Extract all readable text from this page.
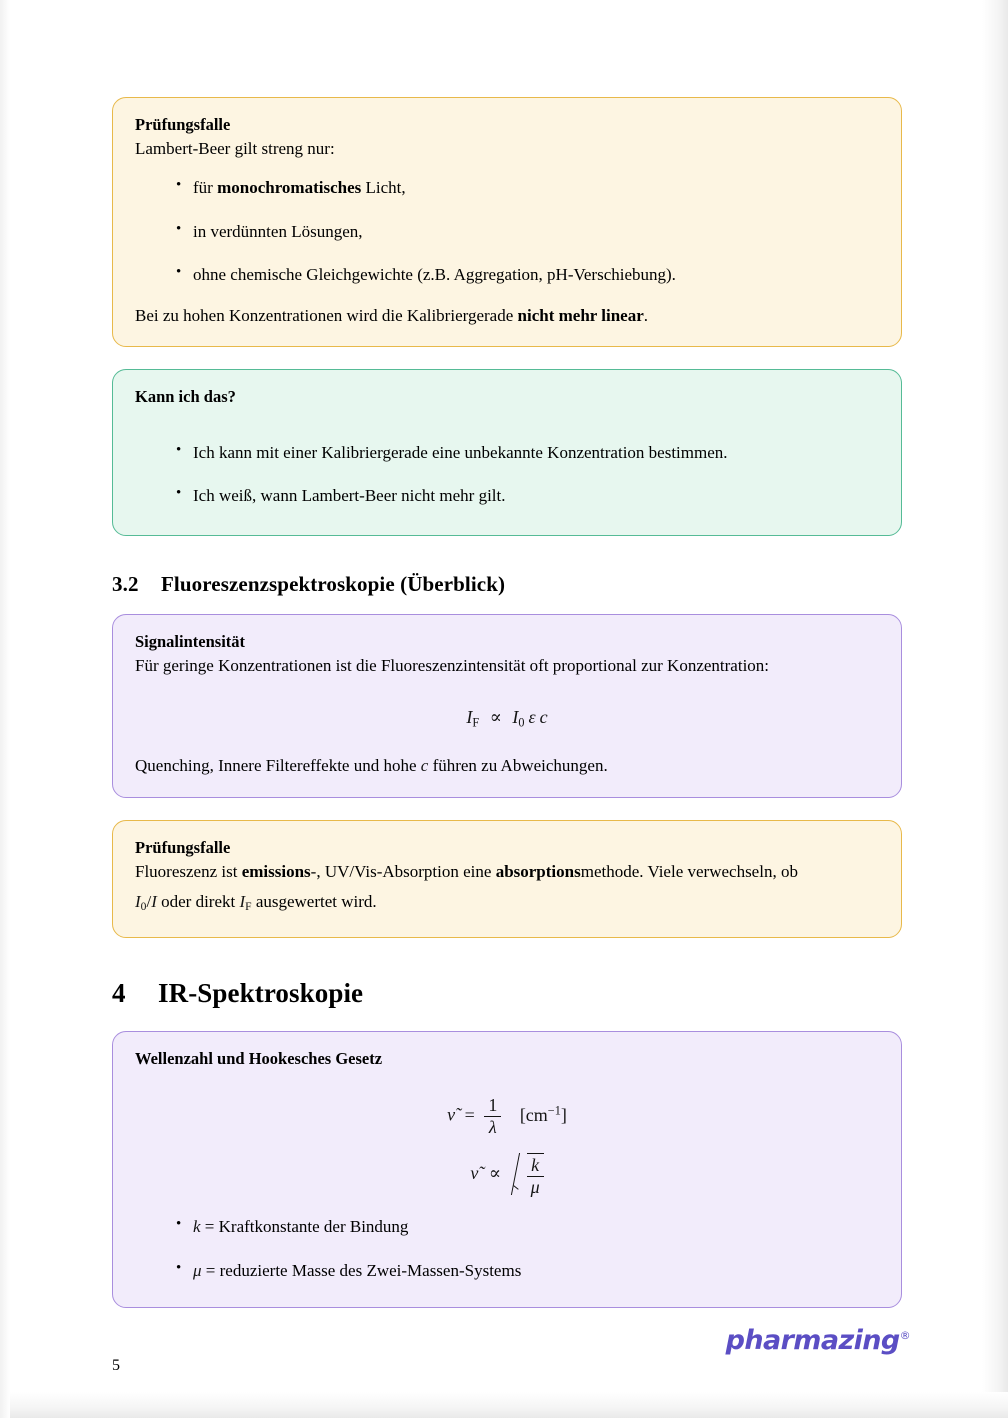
Prüfungsfalle

Lambert-Beer gilt streng nur:

• für monochromatisches Licht,
• in verdünnten Lösungen,
• ohne chemische Gleichgewichte (z.B. Aggregation, pH-Verschiebung).

Bei zu hohen Konzentrationen wird die Kalibriergerade nicht mehr linear.

Kann ich das?
• Ich kann mit einer Kalibriergerade eine unbekannte Konzentration bestimmen.
• Ich weiß, wann Lambert-Beer nicht mehr gilt.
3.2 Fluoreszenzspektroskopie (Überblick)
Signalintensität

Für geringe Konzentrationen ist die Fluoreszenzintensität oft proportional zur Konzentration:

$I_F \propto I_0$ ε c

Quenching, Innere Filtereffekte und hohe c führen zu Abweichungen.

Prüfungsfalle

Fluoreszenz ist emissions-, UV/Vis-Absorption eine absorptionsmethode. Viele verwechseln, ob

$I_0/I$ oder direkt $I_F$ ausgewertet wird.

4 IR-Spektroskopie
Wellenzahl und Hookesches Gesetz
ν̃ = $\frac{1}{\lambda} [cm^{-1}]$
ν̃ ∝ $\frac{k}{\mu}$
• k = Kraftkonstante der Bindung
• μ = reduzierte Masse des Zwei-Massen-Systems
5
pharmazing®
